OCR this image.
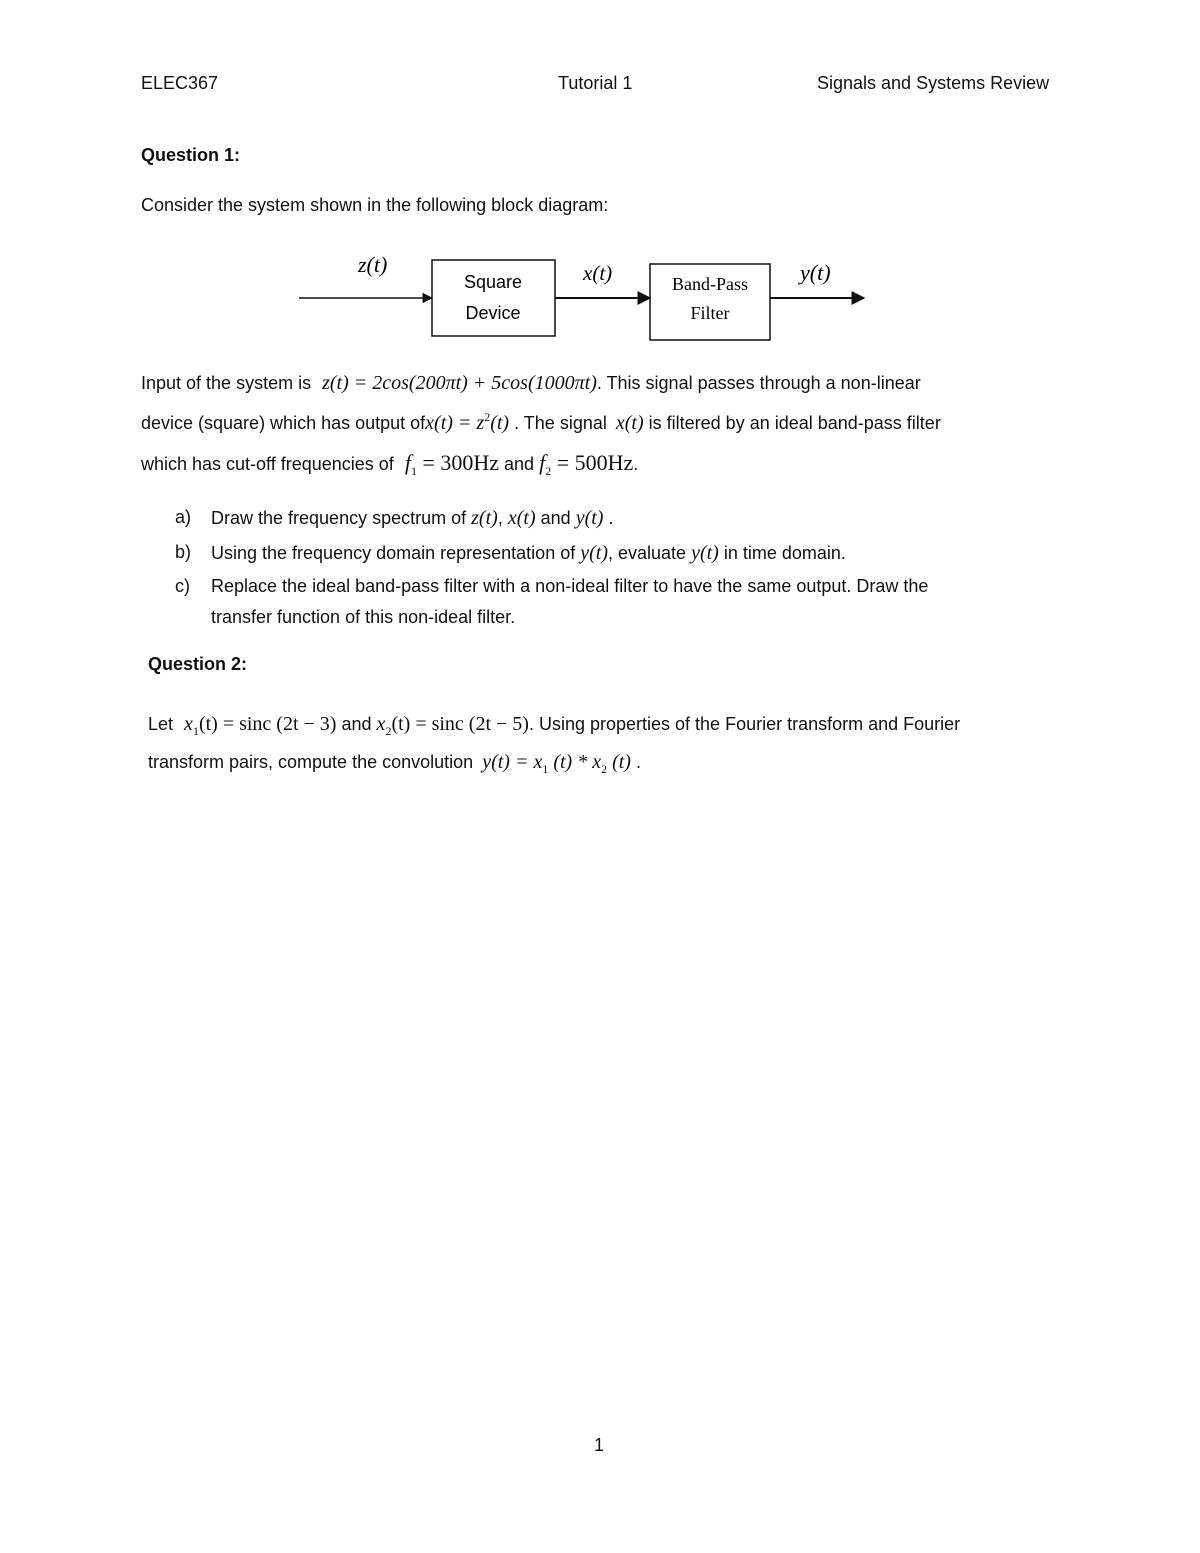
ELEC367	Tutorial 1	Signals and Systems Review
Question 1:
Consider the system shown in the following block diagram:
z(t)	x(t)	y(t)
Square
Device
Band-Pass
Filter
Input of the system is z(t) = 2cos(200πt) + 5cos(1000πt). This signal passes through a non-linear
device (square) which has output $ofx(t) = z^2(t)$ . The signal x(t) is filtered by an ideal band-pass filter
which has cut-off frequencies of $f_1 = 300Hz$ and $f_2 = 500Hz$.
a) Draw the frequency spectrum of z(t), x(t) and y(t) .
b) Using the frequency domain representation of y(t), evaluate y(t) in time domain.
c) Replace the ideal band-pass filter with a non-ideal filter to have the same output. Draw the
transfer function of this non-ideal filter.
Question 2:
Let $x_1(t) = \sin c$ (2t − 3) and $x_2(t) = \sin c$ (2t − 5). Using properties of the Fourier transform and Fourier
transform pairs, compute the convolution $y(t) = x_1$ $(t) * x_2$ (t) .
1
